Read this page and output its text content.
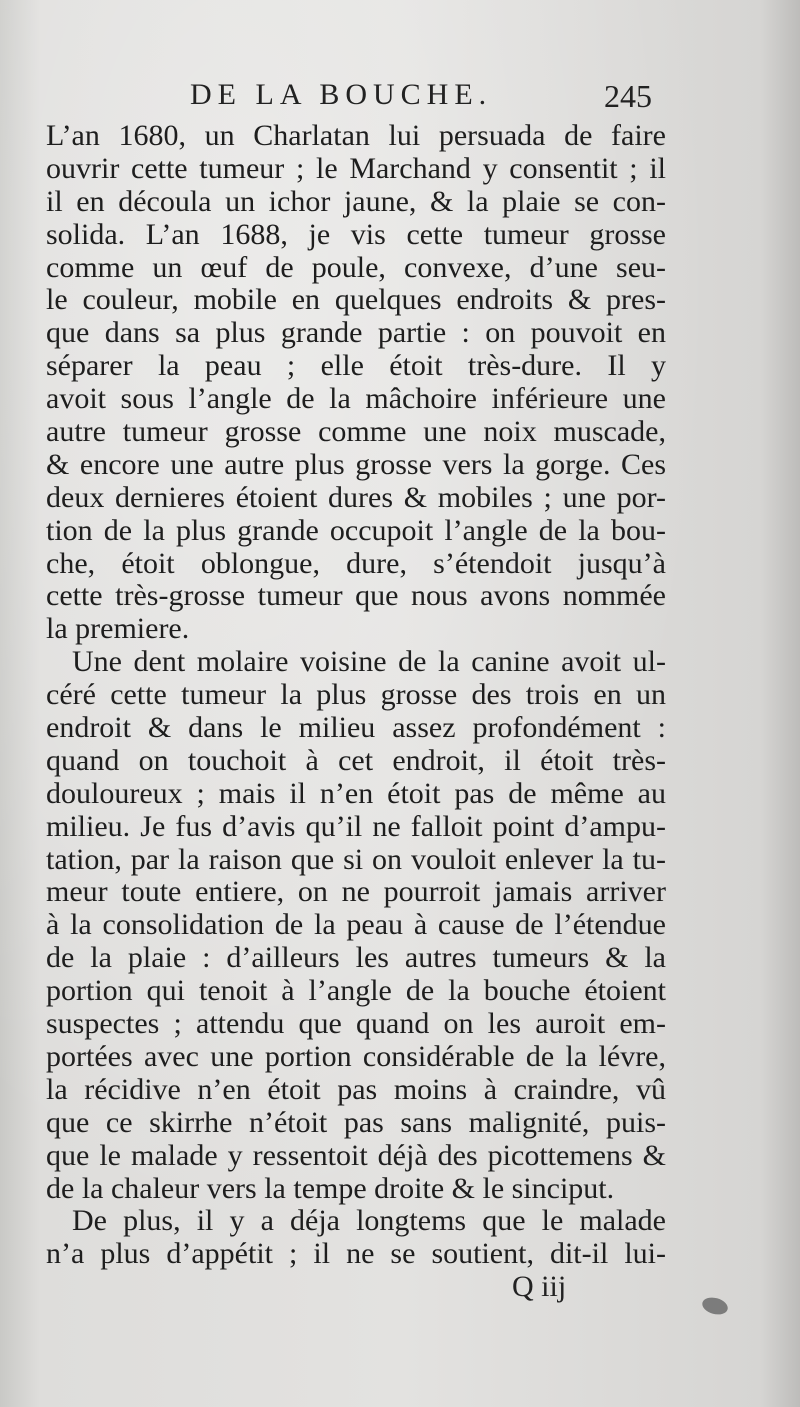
DE LA BOUCHE.	245
L’an 1680, un Charlatan lui persuada de faire
ouvrir cette tumeur ; le Marchand y consentit ; il
il en découla un ichor jaune, & la plaie se con-
solida. L’an 1688, je vis cette tumeur grosse
comme un œuf de poule, convexe, d’une seu-
le couleur, mobile en quelques endroits & pres-
que dans sa plus grande partie : on pouvoit en
séparer la peau ; elle étoit très-dure. Il y
avoit sous l’angle de la mâchoire inférieure une
autre tumeur grosse comme une noix muscade,
& encore une autre plus grosse vers la gorge. Ces
deux dernieres étoient dures & mobiles ; une por-
tion de la plus grande occupoit l’angle de la bou-
che, étoit oblongue, dure, s’étendoit jusqu’à
cette très-grosse tumeur que nous avons nommée
la premiere.
Une dent molaire voisine de la canine avoit ul-
céré cette tumeur la plus grosse des trois en un
endroit & dans le milieu assez profondément :
quand on touchoit à cet endroit, il étoit très-
douloureux ; mais il n’en étoit pas de même au
milieu. Je fus d’avis qu’il ne falloit point d’ampu-
tation, par la raison que si on vouloit enlever la tu-
meur toute entiere, on ne pourroit jamais arriver
à la consolidation de la peau à cause de l’étendue
de la plaie : d’ailleurs les autres tumeurs & la
portion qui tenoit à l’angle de la bouche étoient
suspectes ; attendu que quand on les auroit em-
portées avec une portion considérable de la lévre,
la récidive n’en étoit pas moins à craindre, vû
que ce skirrhe n’étoit pas sans malignité, puis-
que le malade y ressentoit déjà des picottemens &
de la chaleur vers la tempe droite & le sinciput.
De plus, il y a déja longtems que le malade
n’a plus d’appétit ; il ne se soutient, dit-il lui-
Q iij
